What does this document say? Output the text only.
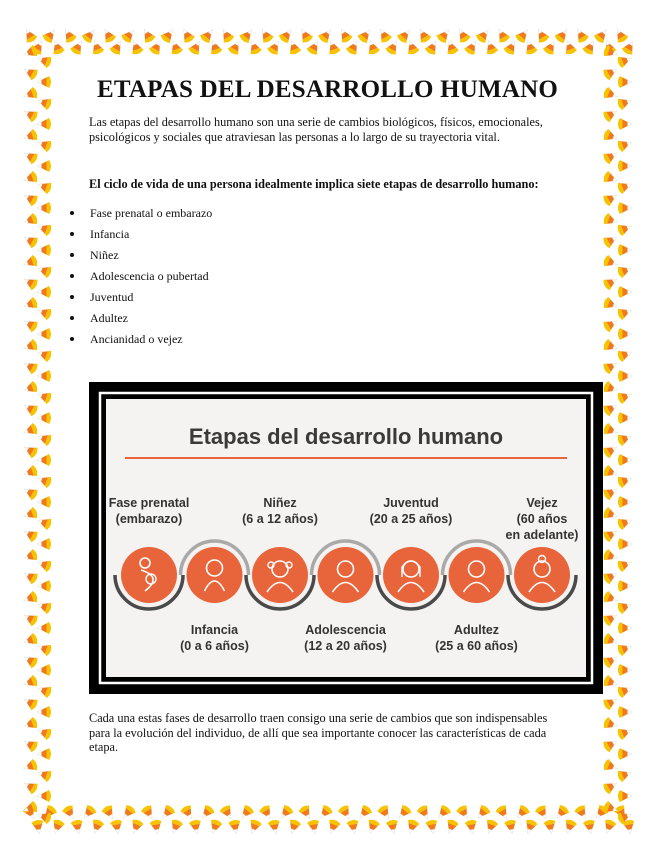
ETAPAS DEL DESARROLLO HUMANO

Las etapas del desarrollo humano son una serie de cambios biológicos, físicos, emocionales, psicológicos y sociales que atraviesan las personas a lo largo de su trayectoria vital.

El ciclo de vida de una persona idealmente implica siete etapas de desarrollo humano:

Fase prenatal o embarazo
Infancia
Niñez
Adolescencia o pubertad
Juventud
Adultez
Ancianidad o vejez
Etapas del desarrollo humano
Fase prenatal
(embarazo)
Niñez
(6 a 12 años)
Juventud
(20 a 25 años)
Vejez
(60 años
en adelante)
Infancia
(0 a 6 años)
Adolescencia
(12 a 20 años)
Adultez
(25 a 60 años)

Cada una estas fases de desarrollo traen consigo una serie de cambios que son indispensables para la evolución del individuo, de allí que sea importante conocer las características de cada etapa.
